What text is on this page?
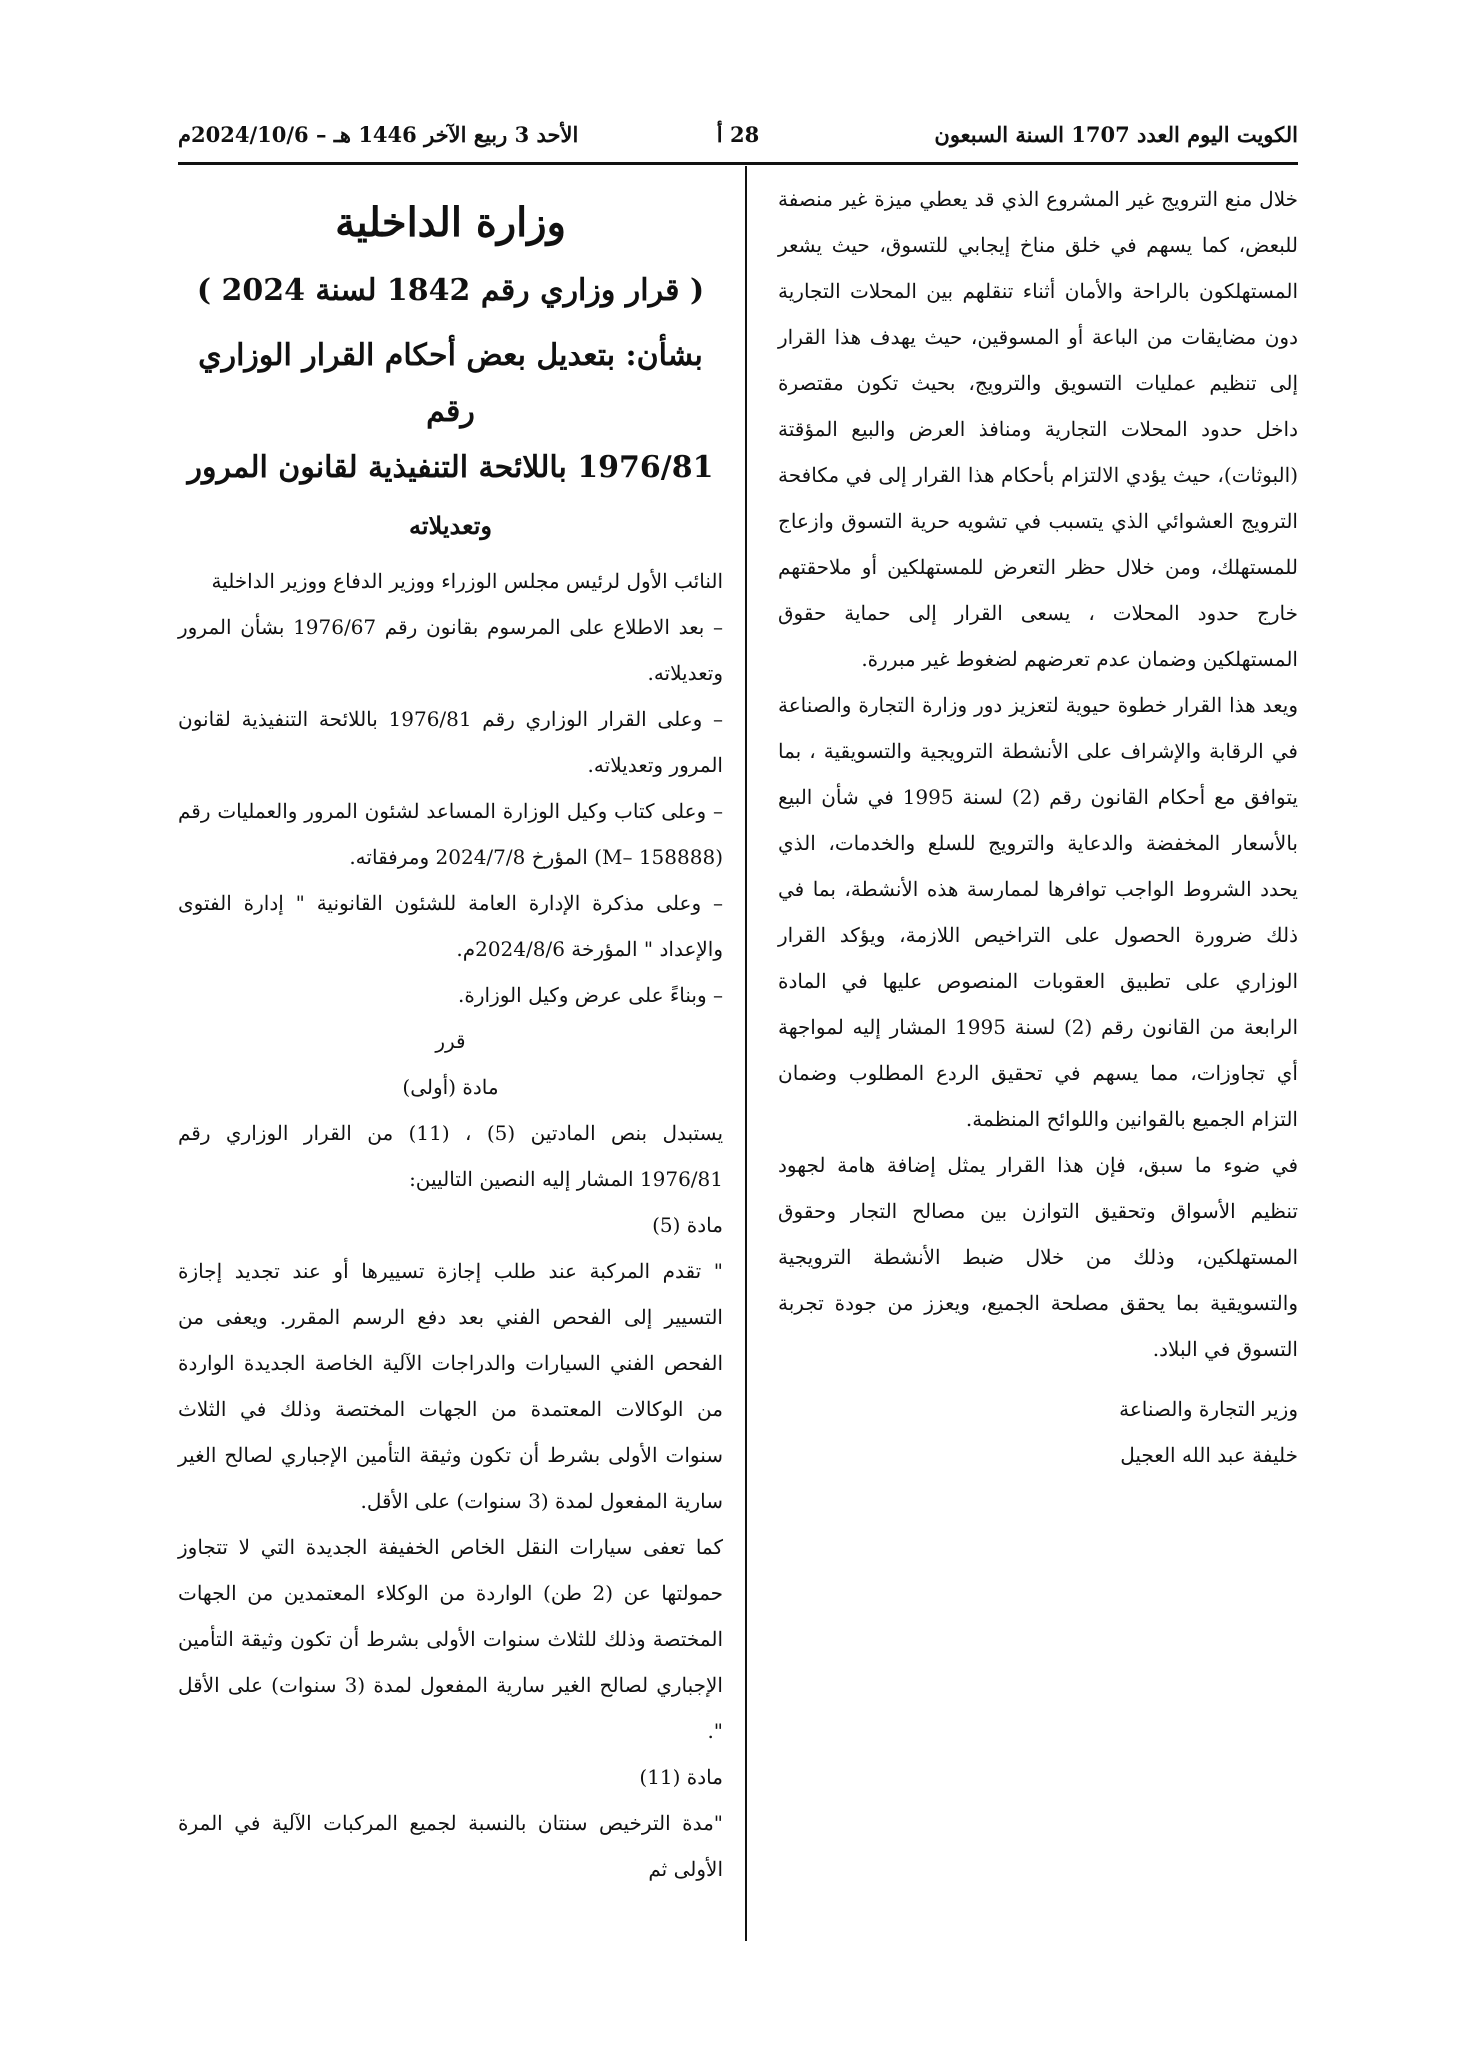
الكويت اليوم العدد 1707 السنة السبعون
28 أ
الأحد 3 ربيع الآخر 1446 هـ – 2024/10/6م

خلال منع الترويج غير المشروع الذي قد يعطي ميزة غير منصفة للبعض، كما يسهم في خلق مناخ إيجابي للتسوق، حيث يشعر المستهلكون بالراحة والأمان أثناء تنقلهم بين المحلات التجارية دون مضايقات من الباعة أو المسوقين، حيث يهدف هذا القرار إلى تنظيم عمليات التسويق والترويج، بحيث تكون مقتصرة داخل حدود المحلات التجارية ومنافذ العرض والبيع المؤقتة (البوثات)، حيث يؤدي الالتزام بأحكام هذا القرار إلى في مكافحة الترويج العشوائي الذي يتسبب في تشويه حرية التسوق وازعاج للمستهلك، ومن خلال حظر التعرض للمستهلكين أو ملاحقتهم خارج حدود المحلات ، يسعى القرار إلى حماية حقوق المستهلكين وضمان عدم تعرضهم لضغوط غير مبررة.

ويعد هذا القرار خطوة حيوية لتعزيز دور وزارة التجارة والصناعة في الرقابة والإشراف على الأنشطة الترويجية والتسويقية ، بما يتوافق مع أحكام القانون رقم (2) لسنة 1995 في شأن البيع بالأسعار المخفضة والدعاية والترويج للسلع والخدمات، الذي يحدد الشروط الواجب توافرها لممارسة هذه الأنشطة، بما في ذلك ضرورة الحصول على التراخيص اللازمة، ويؤكد القرار الوزاري على تطبيق العقوبات المنصوص عليها في المادة الرابعة من القانون رقم (2) لسنة 1995 المشار إليه لمواجهة أي تجاوزات، مما يسهم في تحقيق الردع المطلوب وضمان التزام الجميع بالقوانين واللوائح المنظمة.

في ضوء ما سبق، فإن هذا القرار يمثل إضافة هامة لجهود تنظيم الأسواق وتحقيق التوازن بين مصالح التجار وحقوق المستهلكين، وذلك من خلال ضبط الأنشطة الترويجية والتسويقية بما يحقق مصلحة الجميع، ويعزز من جودة تجربة التسوق في البلاد.

وزير التجارة والصناعة

خليفة عبد الله العجيل

وزارة الداخلية
( قرار وزاري رقم 1842 لسنة 2024 )
بشأن: بتعديل بعض أحكام القرار الوزاري رقم
1976/81 باللائحة التنفيذية لقانون المرور
وتعديلاته

النائب الأول لرئيس مجلس الوزراء ووزير الدفاع ووزير الداخلية

– بعد الاطلاع على المرسوم بقانون رقم 1976/67 بشأن المرور وتعديلاته.

– وعلى القرار الوزاري رقم 1976/81 باللائحة التنفيذية لقانون المرور وتعديلاته.

– وعلى كتاب وكيل الوزارة المساعد لشئون المرور والعمليات رقم (158888 –M) المؤرخ 2024/7/8 ومرفقاته.

– وعلى مذكرة الإدارة العامة للشئون القانونية " إدارة الفتوى والإعداد " المؤرخة 2024/8/6م.

– وبناءً على عرض وكيل الوزارة.

قرر

مادة (أولى)

يستبدل بنص المادتين (5) ، (11) من القرار الوزاري رقم 1976/81 المشار إليه النصين التاليين:

مادة (5)

" تقدم المركبة عند طلب إجازة تسييرها أو عند تجديد إجازة التسيير إلى الفحص الفني بعد دفع الرسم المقرر. ويعفى من الفحص الفني السيارات والدراجات الآلية الخاصة الجديدة الواردة من الوكالات المعتمدة من الجهات المختصة وذلك في الثلاث سنوات الأولى بشرط أن تكون وثيقة التأمين الإجباري لصالح الغير سارية المفعول لمدة (3 سنوات) على الأقل.

كما تعفى سيارات النقل الخاص الخفيفة الجديدة التي لا تتجاوز حمولتها عن (2 طن) الواردة من الوكلاء المعتمدين من الجهات المختصة وذلك للثلاث سنوات الأولى بشرط أن تكون وثيقة التأمين الإجباري لصالح الغير سارية المفعول لمدة (3 سنوات) على الأقل ".

مادة (11)

"مدة الترخيص سنتان بالنسبة لجميع المركبات الآلية في المرة الأولى ثم
